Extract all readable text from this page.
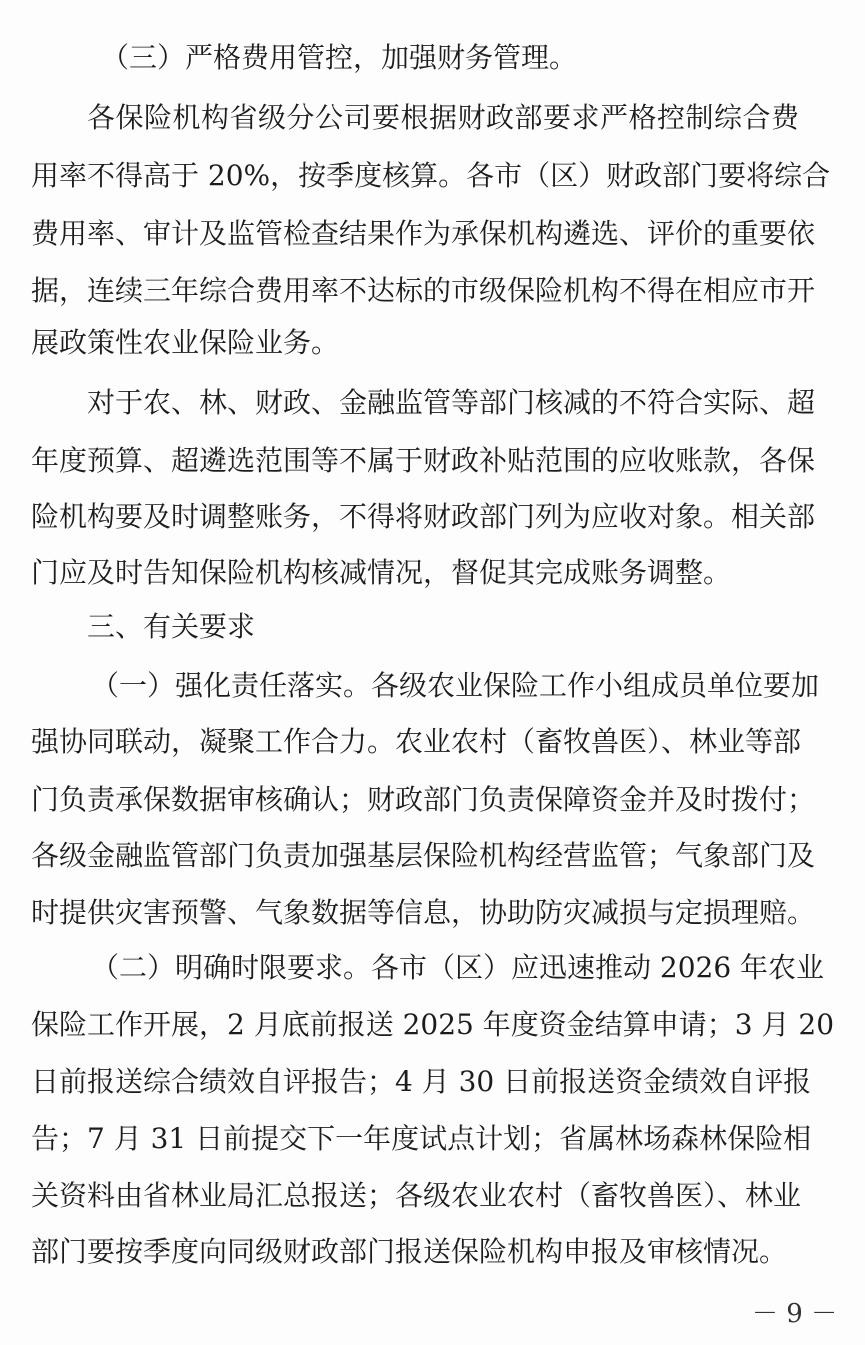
（三）严格费用管控，加强财务管理。
各保险机构省级分公司要根据财政部要求严格控制综合费
用率不得高于 20%，按季度核算。各市（区）财政部门要将综合
费用率、审计及监管检查结果作为承保机构遴选、评价的重要依
据，连续三年综合费用率不达标的市级保险机构不得在相应市开
展政策性农业保险业务。
对于农、林、财政、金融监管等部门核减的不符合实际、超
年度预算、超遴选范围等不属于财政补贴范围的应收账款，各保
险机构要及时调整账务，不得将财政部门列为应收对象。相关部
门应及时告知保险机构核减情况，督促其完成账务调整。
三、有关要求
（一）强化责任落实。各级农业保险工作小组成员单位要加
强协同联动，凝聚工作合力。农业农村（畜牧兽医）、林业等部
门负责承保数据审核确认；财政部门负责保障资金并及时拨付；
各级金融监管部门负责加强基层保险机构经营监管；气象部门及
时提供灾害预警、气象数据等信息，协助防灾减损与定损理赔。
（二）明确时限要求。各市（区）应迅速推动 2026 年农业
保险工作开展，2 月底前报送 2025 年度资金结算申请；3 月 20
日前报送综合绩效自评报告；4 月 30 日前报送资金绩效自评报
告；7 月 31 日前提交下一年度试点计划；省属林场森林保险相
关资料由省林业局汇总报送；各级农业农村（畜牧兽医）、林业
部门要按季度向同级财政部门报送保险机构申报及审核情况。
－ 9 －
